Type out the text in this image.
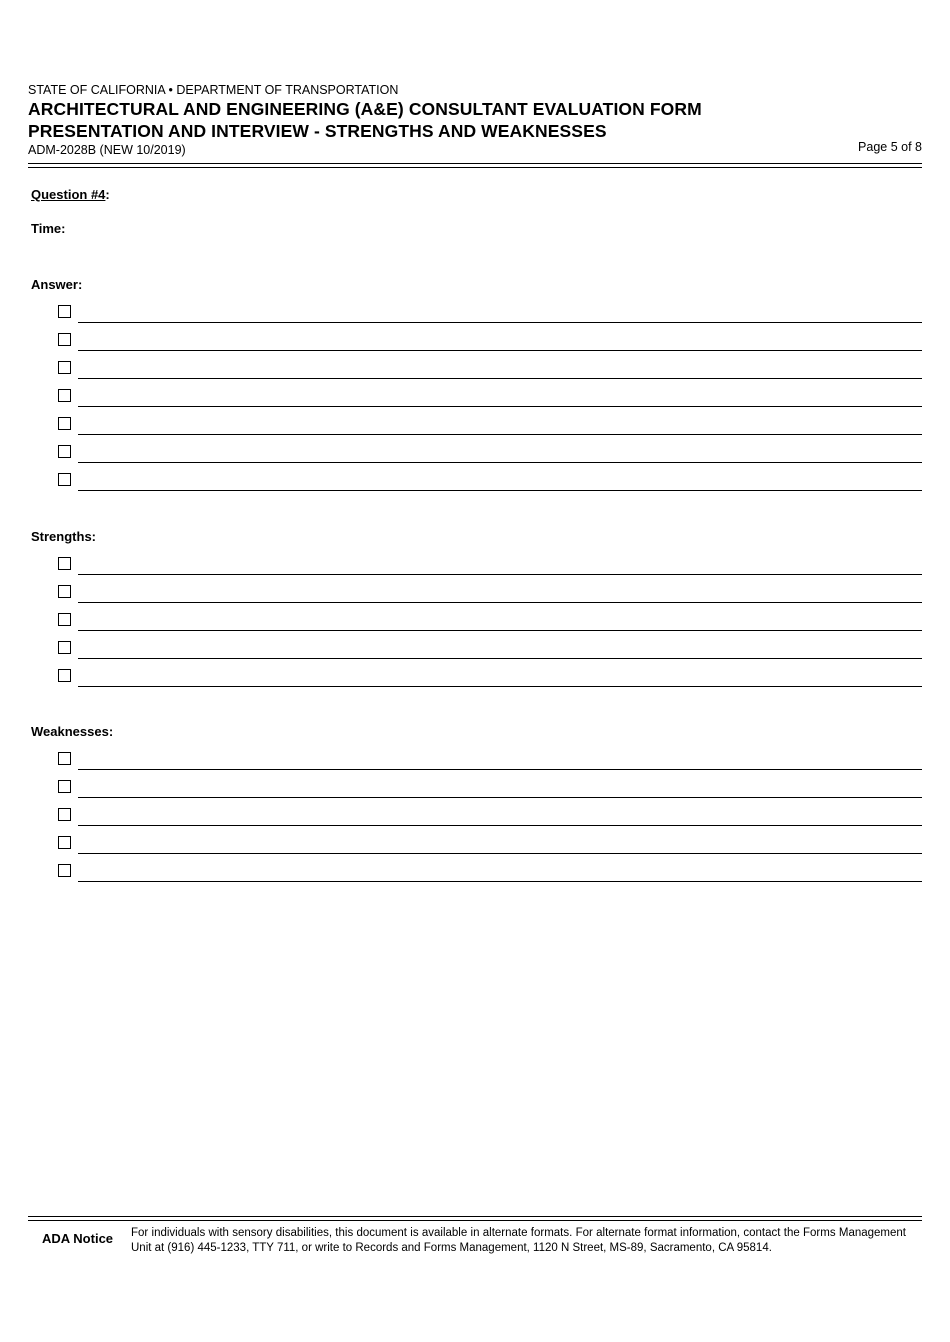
STATE OF CALIFORNIA • DEPARTMENT OF TRANSPORTATION
ARCHITECTURAL AND ENGINEERING (A&E) CONSULTANT EVALUATION FORM
PRESENTATION AND INTERVIEW - STRENGTHS AND WEAKNESSES
ADM-2028B (NEW 10/2019)	Page 5 of 8
Question #4:
Time:
Answer:
Strengths:
Weaknesses:
ADA Notice For individuals with sensory disabilities, this document is available in alternate formats. For alternate format information, contact the Forms Management Unit at (916) 445-1233, TTY 711, or write to Records and Forms Management, 1120 N Street, MS-89, Sacramento, CA 95814.
